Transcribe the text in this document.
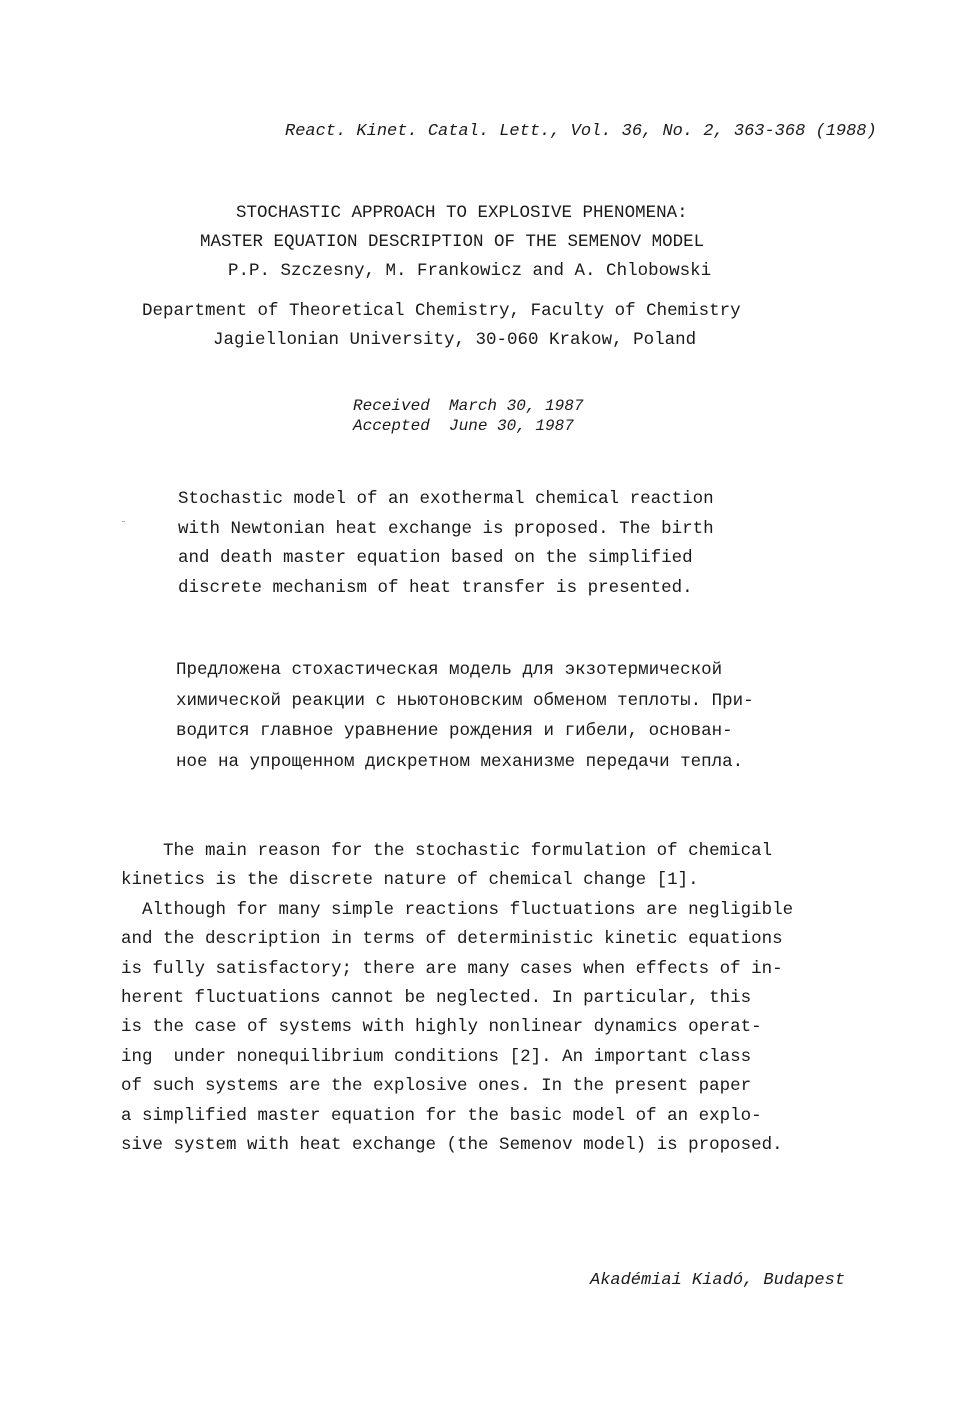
React. Kinet. Catal. Lett., Vol. 36, No. 2, 363-368 (1988)
STOCHASTIC APPROACH TO EXPLOSIVE PHENOMENA:
MASTER EQUATION DESCRIPTION OF THE SEMENOV MODEL
P.P. Szczesny, M. Frankowicz and A. Chlobowski
Department of Theoretical Chemistry, Faculty of Chemistry
Jagiellonian University, 30-060 Krakow, Poland
Received  March 30, 1987
Accepted  June 30, 1987
Stochastic model of an exothermal chemical reaction
with Newtonian heat exchange is proposed. The birth
and death master equation based on the simplified
discrete mechanism of heat transfer is presented.
Предложена стохастическая модель для экзотермической
химической реакции с ньютоновским обменом теплоты. При-
водится главное уравнение рождения и гибели, основан-
ное на упрощенном дискретном механизме передачи тепла.
The main reason for the stochastic formulation of chemical
kinetics is the discrete nature of chemical change [1].
Although for many simple reactions fluctuations are negligible
and the description in terms of deterministic kinetic equations
is fully satisfactory; there are many cases when effects of in-
herent fluctuations cannot be neglected. In particular, this
is the case of systems with highly nonlinear dynamics operat-
ing  under nonequilibrium conditions [2]. An important class
of such systems are the explosive ones. In the present paper
a simplified master equation for the basic model of an explo-
sive system with heat exchange (the Semenov model) is proposed.
Akadémiai Kiadó, Budapest
